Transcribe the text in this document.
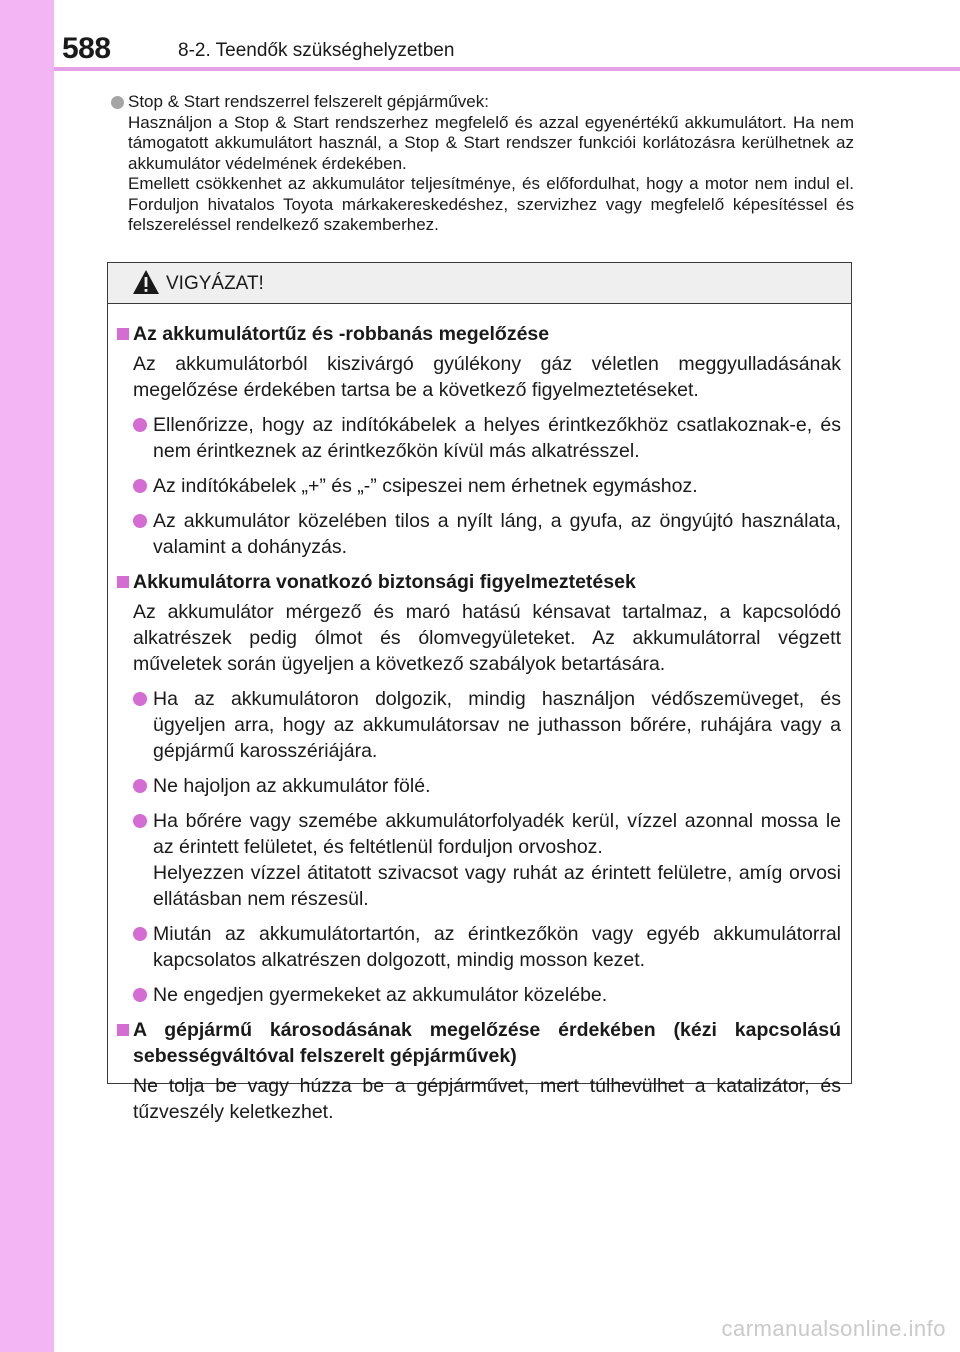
588	8-2. Teendők szükséghelyzetben

Stop & Start rendszerrel felszerelt gépjárművek:

Használjon a Stop & Start rendszerhez megfelelő és azzal egyenértékű akkumulátort. Ha nem támogatott akkumulátort használ, a Stop & Start rendszer funkciói korlátozásra kerülhetnek az akkumulátor védelmének érdekében.

Emellett csökkenhet az akkumulátor teljesítménye, és előfordulhat, hogy a motor nem indul el. Forduljon hivatalos Toyota márkakereskedéshez, szervizhez vagy megfelelő képesítéssel és felszereléssel rendelkező szakemberhez.

VIGYÁZAT!

Az akkumulátortűz és -robbanás megelőzése

Az akkumulátorból kiszivárgó gyúlékony gáz véletlen meggyulladásának megelőzése érdekében tartsa be a következő figyelmeztetéseket.

Ellenőrizze, hogy az indítókábelek a helyes érintkezőkhöz csatlakoznak-e, és nem érintkeznek az érintkezőkön kívül más alkatrésszel.

Az indítókábelek „+” és „-” csipeszei nem érhetnek egymáshoz.

Az akkumulátor közelében tilos a nyílt láng, a gyufa, az öngyújtó használata, valamint a dohányzás.

Akkumulátorra vonatkozó biztonsági figyelmeztetések

Az akkumulátor mérgező és maró hatású kénsavat tartalmaz, a kapcsolódó alkatrészek pedig ólmot és ólomvegyületeket. Az akkumulátorral végzett műveletek során ügyeljen a következő szabályok betartására.

Ha az akkumulátoron dolgozik, mindig használjon védőszemüveget, és ügyeljen arra, hogy az akkumulátorsav ne juthasson bőrére, ruhájára vagy a gépjármű karosszériájára.

Ne hajoljon az akkumulátor fölé.

Ha bőrére vagy szemébe akkumulátorfolyadék kerül, vízzel azonnal mossa le az érintett felületet, és feltétlenül forduljon orvoshoz.
Helyezzen vízzel átitatott szivacsot vagy ruhát az érintett felületre, amíg orvosi ellátásban nem részesül.

Miután az akkumulátortartón, az érintkezőkön vagy egyéb akkumulátorral kapcsolatos alkatrészen dolgozott, mindig mosson kezet.

Ne engedjen gyermekeket az akkumulátor közelébe.

A gépjármű károsodásának megelőzése érdekében (kézi kapcsolású sebességváltóval felszerelt gépjárművek)

Ne tolja be vagy húzza be a gépjárművet, mert túlhevülhet a katalizátor, és tűzveszély keletkezhet.

carmanualsonline.info
